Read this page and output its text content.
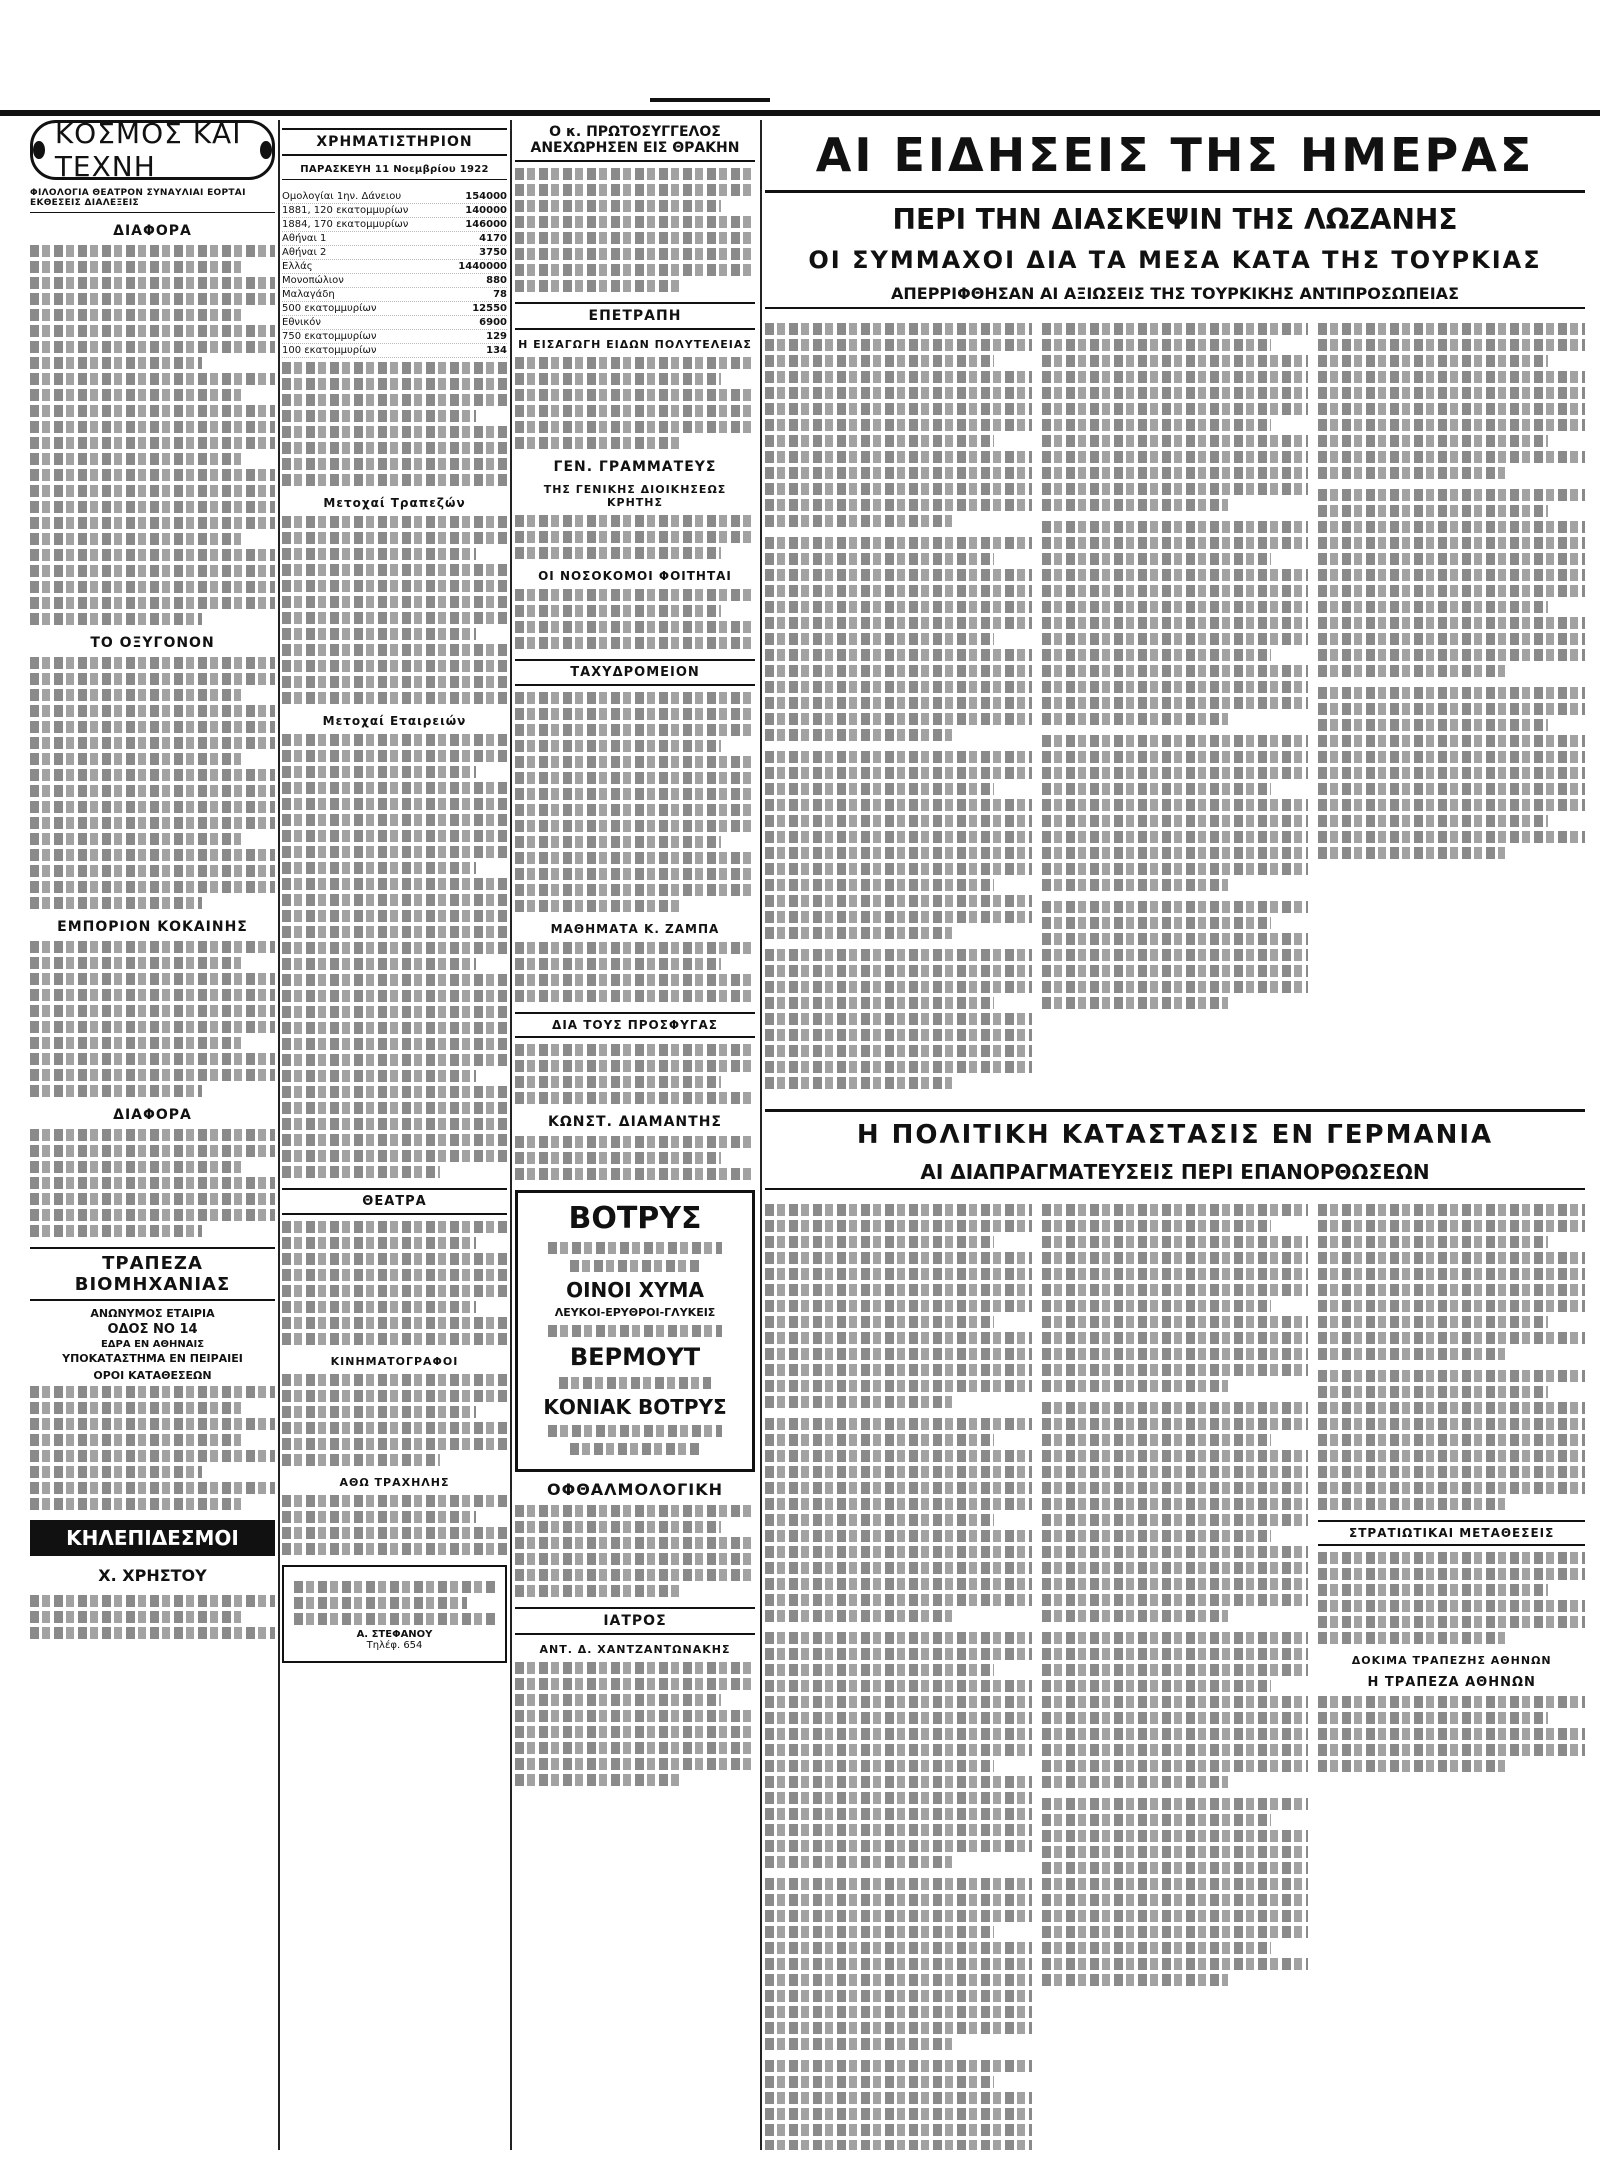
ΚΟΣΜΟΣ ΚΑΙ ΤΕΧΝΗ
ΦΙΛΟΛΟΓΙΑ ΘΕΑΤΡΟΝ ΣΥΝΑΥΛΙΑΙ ΕΟΡΤΑΙ ΕΚΘΕΣΕΙΣ ΔΙΑΛΕΞΕΙΣ
ΔΙΑΦΟΡΑ
ΤΟ ΟΞΥΓΟΝΟΝ
ΕΜΠΟΡΙΟΝ ΚΟΚΑΙΝΗΣ
ΔΙΑΦΟΡΑ
ΤΡΑΠΕΖΑ ΒΙΟΜΗΧΑΝΙΑΣ
ΑΝΩΝΥΜΟΣ ΕΤΑΙΡΙΑ
ΟΔΟΣ ΝΟ 14
ΕΔΡΑ ΕΝ ΑΘΗΝΑΙΣ
ΥΠΟΚΑΤΑΣΤΗΜΑ ΕΝ ΠΕΙΡΑΙΕΙ
ΟΡΟΙ ΚΑΤΑΘΕΣΕΩΝ
ΚΗΛΕΠΙΔΕΣΜΟΙ
Χ. ΧΡΗΣΤΟΥ
ΧΡΗΜΑΤΙΣΤΗΡΙΟΝ
ΠΑΡΑΣΚΕΥΗ 11 Νοεμβρίου 1922
Ομολογίαι 1ην. Δάνειου	154000
1881, 120 εκατομμυρίων	140000
1884, 170 εκατομμυρίων	146000
Αθήναι 1	4170
Αθήναι 2	3750
Ελλάς	1440000
Μονοπώλιον	880
Μαλαγάδη	78
500 εκατομμυρίων	12550
Εθνικόν	6900
750 εκατομμυρίων	129
100 εκατομμυρίων	134
Μετοχαί Τραπεζών
Μετοχαί Εταιρειών
ΘΕΑΤΡΑ
ΚΙΝΗΜΑΤΟΓΡΑΦΟΙ
ΑΘΩ ΤΡΑΧΗΛΗΣ
Α. ΣΤΕΦΑΝΟΥ
Τηλέφ. 654
Ο κ. ΠΡΩΤΟΣΥΓΓΕΛΟΣ
ΑΝΕΧΩΡΗΣΕΝ ΕΙΣ ΘΡΑΚΗΝ
ΕΠΕΤΡΑΠΗ
Η ΕΙΣΑΓΩΓΗ ΕΙΔΩΝ ΠΟΛΥΤΕΛΕΙΑΣ
ΓΕΝ. ΓΡΑΜΜΑΤΕΥΣ
ΤΗΣ ΓΕΝΙΚΗΣ ΔΙΟΙΚΗΣΕΩΣ ΚΡΗΤΗΣ
ΟΙ ΝΟΣΟΚΟΜΟΙ ΦΟΙΤΗΤΑΙ
ΤΑΧΥΔΡΟΜΕΙΟΝ
ΜΑΘΗΜΑΤΑ Κ. ΖΑΜΠΑ
ΔΙΑ ΤΟΥΣ ΠΡΟΣΦΥΓΑΣ
ΚΩΝΣΤ. ΔΙΑΜΑΝΤΗΣ
ΒΟΤΡΥΣ
ΟΙΝΟΙ ΧΥΜΑ
ΛΕΥΚΟΙ-ΕΡΥΘΡΟΙ-ΓΛΥΚΕΙΣ
ΒΕΡΜΟΥΤ
ΚΟΝΙΑΚ ΒΟΤΡΥΣ
ΟΦΘΑΛΜΟΛΟΓΙΚΗ
ΙΑΤΡΟΣ
ΑΝΤ. Δ. ΧΑΝΤΖΑΝΤΩΝΑΚΗΣ
ΑΙ ΕΙΔΗΣΕΙΣ ΤΗΣ ΗΜΕΡΑΣ
ΠΕΡΙ ΤΗΝ ΔΙΑΣΚΕΨΙΝ ΤΗΣ ΛΩΖΑΝΗΣ
ΟΙ ΣΥΜΜΑΧΟΙ ΔΙΑ ΤΑ ΜΕΣΑ ΚΑΤΑ ΤΗΣ ΤΟΥΡΚΙΑΣ
ΑΠΕΡΡΙΦΘΗΣΑΝ ΑΙ ΑΞΙΩΣΕΙΣ ΤΗΣ ΤΟΥΡΚΙΚΗΣ ΑΝΤΙΠΡΟΣΩΠΕΙΑΣ
Η ΠΟΛΙΤΙΚΗ ΚΑΤΑΣΤΑΣΙΣ ΕΝ ΓΕΡΜΑΝΙΑ
ΑΙ ΔΙΑΠΡΑΓΜΑΤΕΥΣΕΙΣ ΠΕΡΙ ΕΠΑΝΟΡΘΩΣΕΩΝ
ΣΤΡΑΤΙΩΤΙΚΑΙ ΜΕΤΑΘΕΣΕΙΣ
ΔΟΚΙΜΑ ΤΡΑΠΕΖΗΣ ΑΘΗΝΩΝ
Η ΤΡΑΠΕΖΑ ΑΘΗΝΩΝ
